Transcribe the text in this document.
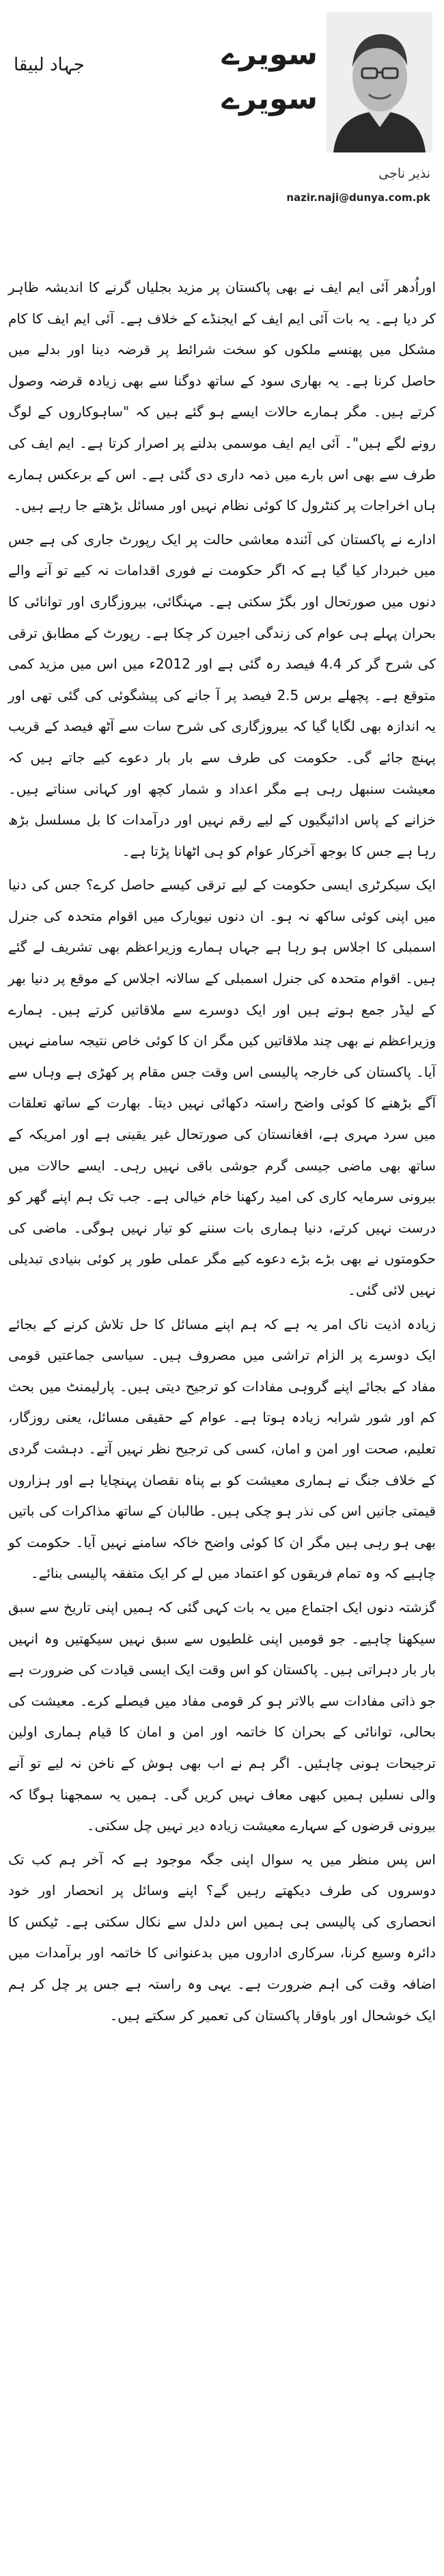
جہاد لبیقا	سویرے
سویرے
نذیر ناجی
nazir.naji@dunya.com.pk

اوراُدھر آئی ایم ایف نے بھی پاکستان پر مزید بجلیاں گرنے کا اندیشہ ظاہر کر دیا ہے۔ یہ بات آئی ایم ایف کے ایجنڈے کے خلاف ہے۔ آئی ایم ایف کا کام مشکل میں پھنسے ملکوں کو سخت شرائط پر قرضہ دینا اور بدلے میں حاصل کرنا ہے۔ یہ بھاری سود کے ساتھ دوگنا سے بھی زیادہ قرضہ وصول کرتے ہیں۔ مگر ہمارے حالات ایسے ہو گئے ہیں کہ "ساہوکاروں کے لوگ رونے لگے ہیں"۔ آئی ایم ایف موسمی بدلنے پر اصرار کرتا ہے۔ ایم ایف کی طرف سے بھی اس بارے میں ذمہ داری دی گئی ہے۔ اس کے برعکس ہمارے ہاں اخراجات پر کنٹرول کا کوئی نظام نہیں اور مسائل بڑھتے جا رہے ہیں۔

ادارے نے پاکستان کی آئندہ معاشی حالت پر ایک رپورٹ جاری کی ہے جس میں خبردار کیا گیا ہے کہ اگر حکومت نے فوری اقدامات نہ کیے تو آنے والے دنوں میں صورتحال اور بگڑ سکتی ہے۔ مہنگائی، بیروزگاری اور توانائی کا بحران پہلے ہی عوام کی زندگی اجیرن کر چکا ہے۔ رپورٹ کے مطابق ترقی کی شرح گر کر 4.4 فیصد رہ گئی ہے اور 2012ء میں اس میں مزید کمی متوقع ہے۔ پچھلے برس 2.5 فیصد پر آ جانے کی پیشگوئی کی گئی تھی اور یہ اندازہ بھی لگایا گیا کہ بیروزگاری کی شرح سات سے آٹھ فیصد کے قریب پہنچ جائے گی۔ حکومت کی طرف سے بار بار دعوے کیے جاتے ہیں کہ معیشت سنبھل رہی ہے مگر اعداد و شمار کچھ اور کہانی سناتے ہیں۔ خزانے کے پاس ادائیگیوں کے لیے رقم نہیں اور درآمدات کا بل مسلسل بڑھ رہا ہے جس کا بوجھ آخرکار عوام کو ہی اٹھانا پڑتا ہے۔

ایک سیکرٹری ایسی حکومت کے لیے ترقی کیسے حاصل کرے؟ جس کی دنیا میں اپنی کوئی ساکھ نہ ہو۔ ان دنوں نیویارک میں اقوام متحدہ کی جنرل اسمبلی کا اجلاس ہو رہا ہے جہاں ہمارے وزیراعظم بھی تشریف لے گئے ہیں۔ اقوام متحدہ کی جنرل اسمبلی کے سالانہ اجلاس کے موقع پر دنیا بھر کے لیڈر جمع ہوتے ہیں اور ایک دوسرے سے ملاقاتیں کرتے ہیں۔ ہمارے وزیراعظم نے بھی چند ملاقاتیں کیں مگر ان کا کوئی خاص نتیجہ سامنے نہیں آیا۔ پاکستان کی خارجہ پالیسی اس وقت جس مقام پر کھڑی ہے وہاں سے آگے بڑھنے کا کوئی واضح راستہ دکھائی نہیں دیتا۔ بھارت کے ساتھ تعلقات میں سرد مہری ہے، افغانستان کی صورتحال غیر یقینی ہے اور امریکہ کے ساتھ بھی ماضی جیسی گرم جوشی باقی نہیں رہی۔ ایسے حالات میں بیرونی سرمایہ کاری کی امید رکھنا خام خیالی ہے۔ جب تک ہم اپنے گھر کو درست نہیں کرتے، دنیا ہماری بات سننے کو تیار نہیں ہوگی۔ ماضی کی حکومتوں نے بھی بڑے بڑے دعوے کیے مگر عملی طور پر کوئی بنیادی تبدیلی نہیں لائی گئی۔

زیادہ اذیت ناک امر یہ ہے کہ ہم اپنے مسائل کا حل تلاش کرنے کے بجائے ایک دوسرے پر الزام تراشی میں مصروف ہیں۔ سیاسی جماعتیں قومی مفاد کے بجائے اپنے گروہی مفادات کو ترجیح دیتی ہیں۔ پارلیمنٹ میں بحث کم اور شور شرابہ زیادہ ہوتا ہے۔ عوام کے حقیقی مسائل، یعنی روزگار، تعلیم، صحت اور امن و امان، کسی کی ترجیح نظر نہیں آتے۔ دہشت گردی کے خلاف جنگ نے ہماری معیشت کو بے پناہ نقصان پہنچایا ہے اور ہزاروں قیمتی جانیں اس کی نذر ہو چکی ہیں۔ طالبان کے ساتھ مذاکرات کی باتیں بھی ہو رہی ہیں مگر ان کا کوئی واضح خاکہ سامنے نہیں آیا۔ حکومت کو چاہیے کہ وہ تمام فریقوں کو اعتماد میں لے کر ایک متفقہ پالیسی بنائے۔

گزشتہ دنوں ایک اجتماع میں یہ بات کہی گئی کہ ہمیں اپنی تاریخ سے سبق سیکھنا چاہیے۔ جو قومیں اپنی غلطیوں سے سبق نہیں سیکھتیں وہ انہیں بار بار دہراتی ہیں۔ پاکستان کو اس وقت ایک ایسی قیادت کی ضرورت ہے جو ذاتی مفادات سے بالاتر ہو کر قومی مفاد میں فیصلے کرے۔ معیشت کی بحالی، توانائی کے بحران کا خاتمہ اور امن و امان کا قیام ہماری اولین ترجیحات ہونی چاہئیں۔ اگر ہم نے اب بھی ہوش کے ناخن نہ لیے تو آنے والی نسلیں ہمیں کبھی معاف نہیں کریں گی۔ ہمیں یہ سمجھنا ہوگا کہ بیرونی قرضوں کے سہارے معیشت زیادہ دیر نہیں چل سکتی۔

اس پس منظر میں یہ سوال اپنی جگہ موجود ہے کہ آخر ہم کب تک دوسروں کی طرف دیکھتے رہیں گے؟ اپنے وسائل پر انحصار اور خود انحصاری کی پالیسی ہی ہمیں اس دلدل سے نکال سکتی ہے۔ ٹیکس کا دائرہ وسیع کرنا، سرکاری اداروں میں بدعنوانی کا خاتمہ اور برآمدات میں اضافہ وقت کی اہم ضرورت ہے۔ یہی وہ راستہ ہے جس پر چل کر ہم ایک خوشحال اور باوقار پاکستان کی تعمیر کر سکتے ہیں۔
